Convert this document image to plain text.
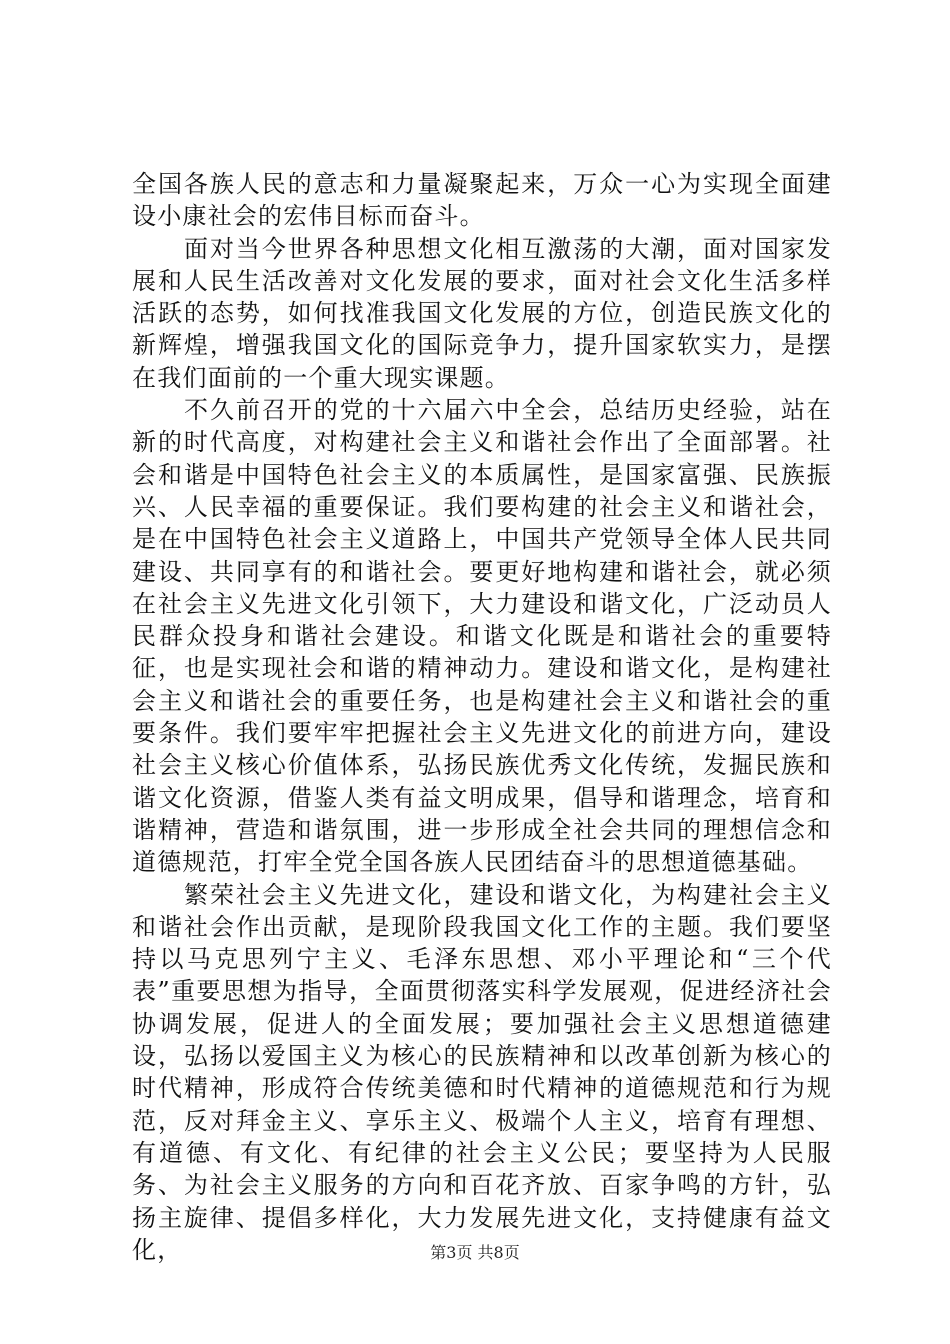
全国各族人民的意志和力量凝聚起来，万众一心为实现全面建设小康社会的宏伟目标而奋斗。

面对当今世界各种思想文化相互激荡的大潮，面对国家发展和人民生活改善对文化发展的要求，面对社会文化生活多样活跃的态势，如何找准我国文化发展的方位，创造民族文化的新辉煌，增强我国文化的国际竞争力，提升国家软实力，是摆在我们面前的一个重大现实课题。

不久前召开的党的十六届六中全会，总结历史经验，站在新的时代高度，对构建社会主义和谐社会作出了全面部署。社会和谐是中国特色社会主义的本质属性，是国家富强、民族振兴、人民幸福的重要保证。我们要构建的社会主义和谐社会，是在中国特色社会主义道路上，中国共产党领导全体人民共同建设、共同享有的和谐社会。要更好地构建和谐社会，就必须在社会主义先进文化引领下，大力建设和谐文化，广泛动员人民群众投身和谐社会建设。和谐文化既是和谐社会的重要特征，也是实现社会和谐的精神动力。建设和谐文化，是构建社会主义和谐社会的重要任务，也是构建社会主义和谐社会的重要条件。我们要牢牢把握社会主义先进文化的前进方向，建设社会主义核心价值体系，弘扬民族优秀文化传统，发掘民族和谐文化资源，借鉴人类有益文明成果，倡导和谐理念，培育和谐精神，营造和谐氛围，进一步形成全社会共同的理想信念和道德规范，打牢全党全国各族人民团结奋斗的思想道德基础。

繁荣社会主义先进文化，建设和谐文化，为构建社会主义和谐社会作出贡献，是现阶段我国文化工作的主题。我们要坚持以马克思列宁主义、毛泽东思想、邓小平理论和“三个代表”重要思想为指导，全面贯彻落实科学发展观，促进经济社会协调发展，促进人的全面发展；要加强社会主义思想道德建设，弘扬以爱国主义为核心的民族精神和以改革创新为核心的时代精神，形成符合传统美德和时代精神的道德规范和行为规范，反对拜金主义、享乐主义、极端个人主义，培育有理想、有道德、有文化、有纪律的社会主义公民；要坚持为人民服务、为社会主义服务的方向和百花齐放、百家争鸣的方针，弘扬主旋律、提倡多样化，大力发展先进文化，支持健康有益文化，	第3页 共8页
